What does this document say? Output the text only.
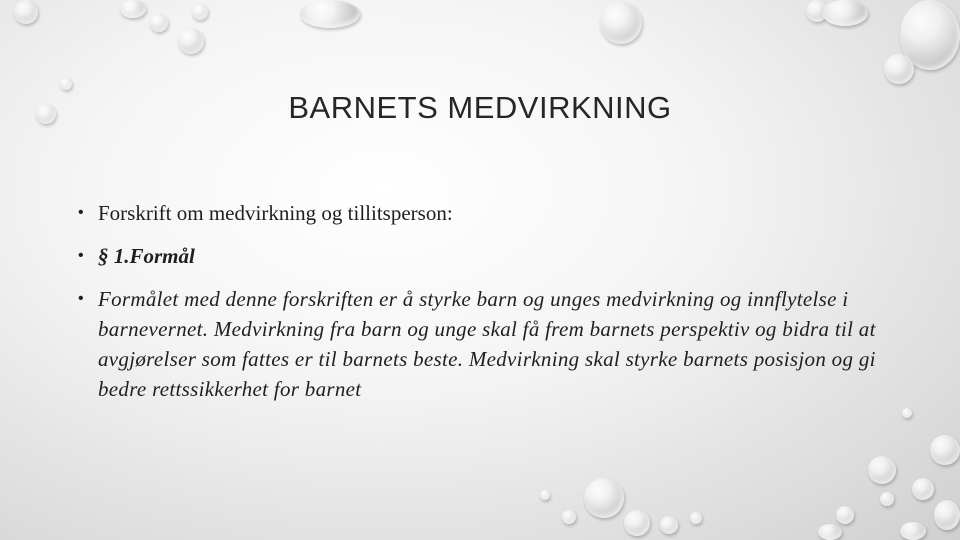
BARNETS MEDVIRKNING
• Forskrift om medvirkning og tillitsperson:
• § 1.Formål
• Formålet med denne forskriften er å styrke barn og unges medvirkning og innflytelse i barnevernet. Medvirkning fra barn og unge skal få frem barnets perspektiv og bidra til at avgjørelser som fattes er til barnets beste. Medvirkning skal styrke barnets posisjon og gi bedre rettssikkerhet for barnet
